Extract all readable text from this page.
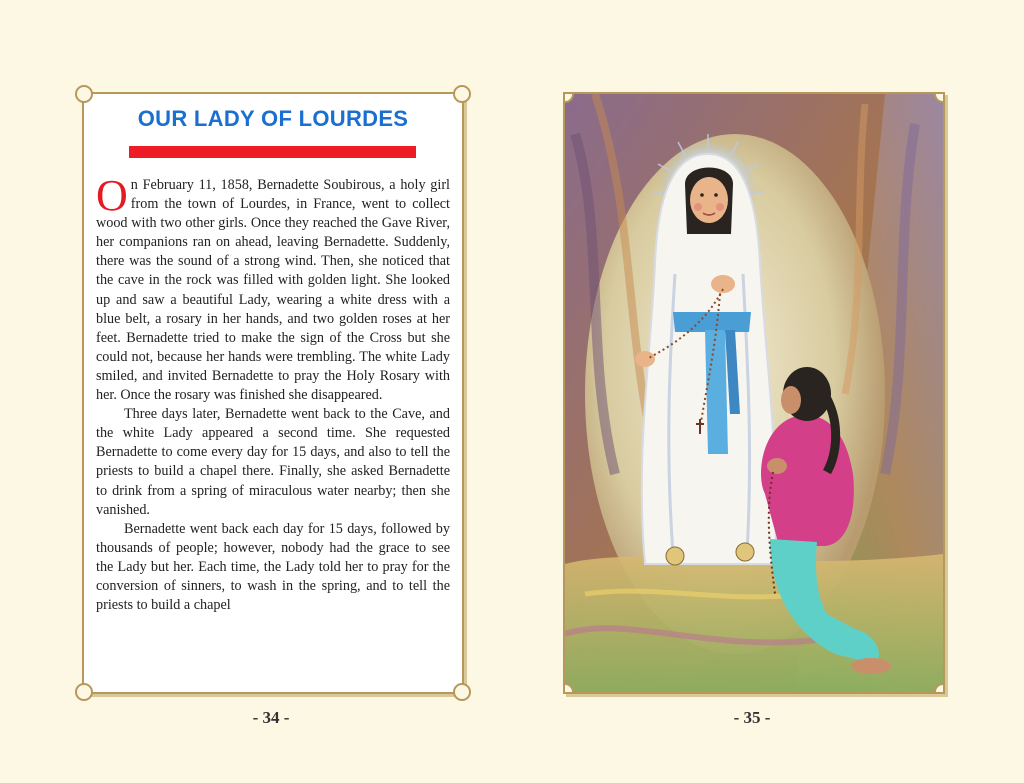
OUR LADY OF LOURDES

On February 11, 1858, Bernadette Soubirous, a holy girl from the town of Lourdes, in France, went to collect wood with two other girls. Once they reached the Gave River, her companions ran on ahead, leaving Bernadette. Suddenly, there was the sound of a strong wind. Then, she noticed that the cave in the rock was filled with golden light. She looked up and saw a beautiful Lady, wearing a white dress with a blue belt, a rosary in her hands, and two golden roses at her feet. Bernadette tried to make the sign of the Cross but she could not, because her hands were trembling. The white Lady smiled, and invited Bernadette to pray the Holy Rosary with her. Once the rosary was finished she disappeared.

Three days later, Bernadette went back to the Cave, and the white Lady appeared a second time. She requested Bernadette to come every day for 15 days, and also to tell the priests to build a chapel there. Finally, she asked Bernadette to drink from a spring of miraculous water nearby; then she vanished.

Bernadette went back each day for 15 days, followed by thousands of people; however, nobody had the grace to see the Lady but her. Each time, the Lady told her to pray for the conversion of sinners, to wash in the spring, and to tell the priests to build a chapel

- 34 -	- 35 -
